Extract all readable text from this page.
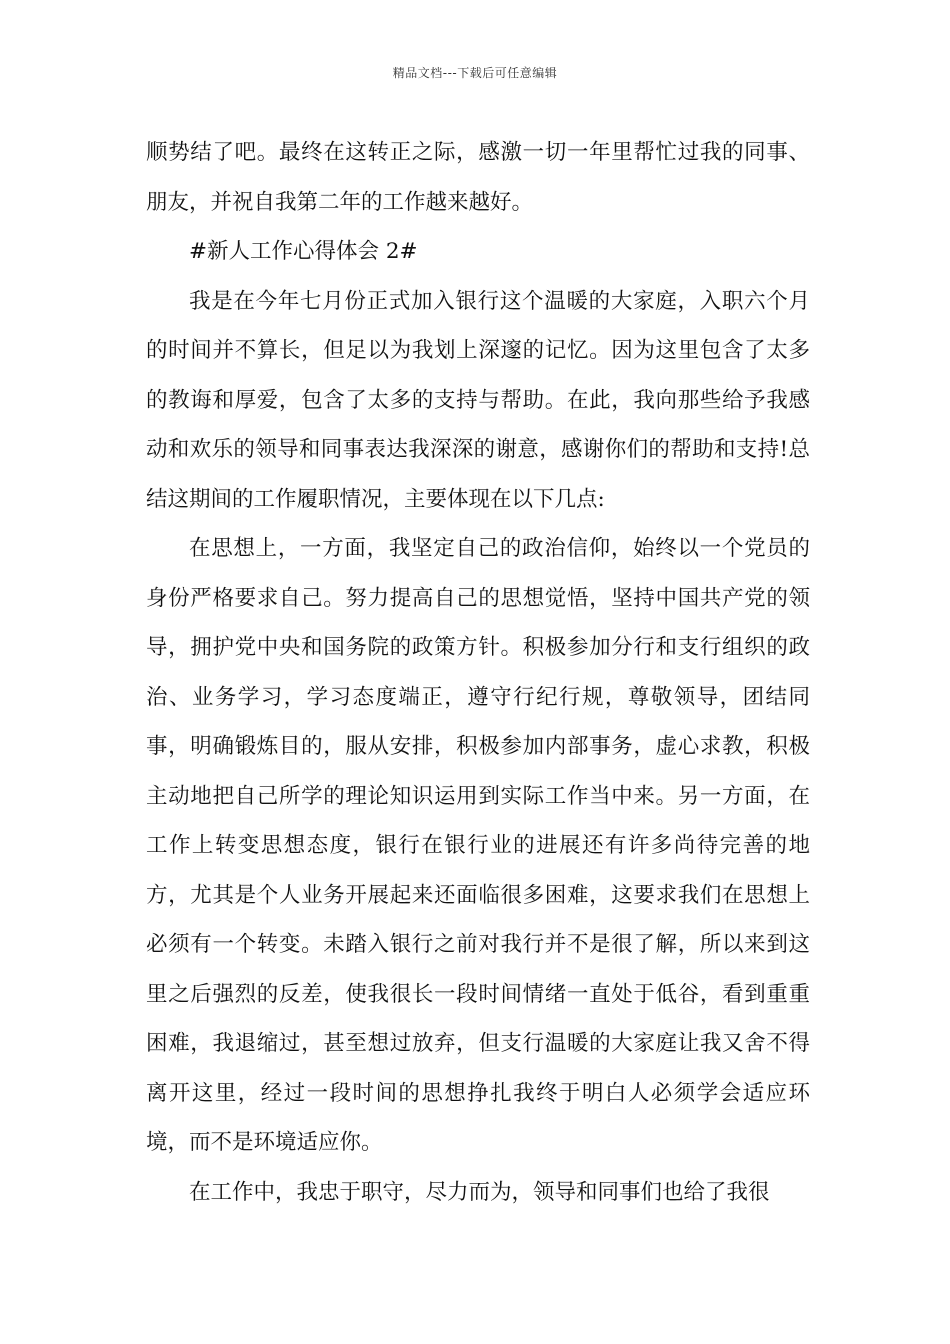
精品文档---下载后可任意编辑

顺势结了吧。最终在这转正之际，感激一切一年里帮忙过我的同事、朋友，并祝自我第二年的工作越来越好。

#新人工作心得体会 2#

我是在今年七月份正式加入银行这个温暖的大家庭，入职六个月的时间并不算长，但足以为我划上深邃的记忆。因为这里包含了太多的教诲和厚爱，包含了太多的支持与帮助。在此，我向那些给予我感动和欢乐的领导和同事表达我深深的谢意，感谢你们的帮助和支持!总结这期间的工作履职情况，主要体现在以下几点:

在思想上，一方面，我坚定自己的政治信仰，始终以一个党员的身份严格要求自己。努力提高自己的思想觉悟，坚持中国共产党的领导，拥护党中央和国务院的政策方针。积极参加分行和支行组织的政治、业务学习，学习态度端正，遵守行纪行规，尊敬领导，团结同事，明确锻炼目的，服从安排，积极参加内部事务，虚心求教，积极主动地把自己所学的理论知识运用到实际工作当中来。另一方面，在工作上转变思想态度，银行在银行业的进展还有许多尚待完善的地方，尤其是个人业务开展起来还面临很多困难，这要求我们在思想上必须有一个转变。未踏入银行之前对我行并不是很了解，所以来到这里之后强烈的反差，使我很长一段时间情绪一直处于低谷，看到重重困难，我退缩过，甚至想过放弃，但支行温暖的大家庭让我又舍不得离开这里，经过一段时间的思想挣扎我终于明白人必须学会适应环境，而不是环境适应你。

在工作中，我忠于职守，尽力而为，领导和同事们也给了我很
